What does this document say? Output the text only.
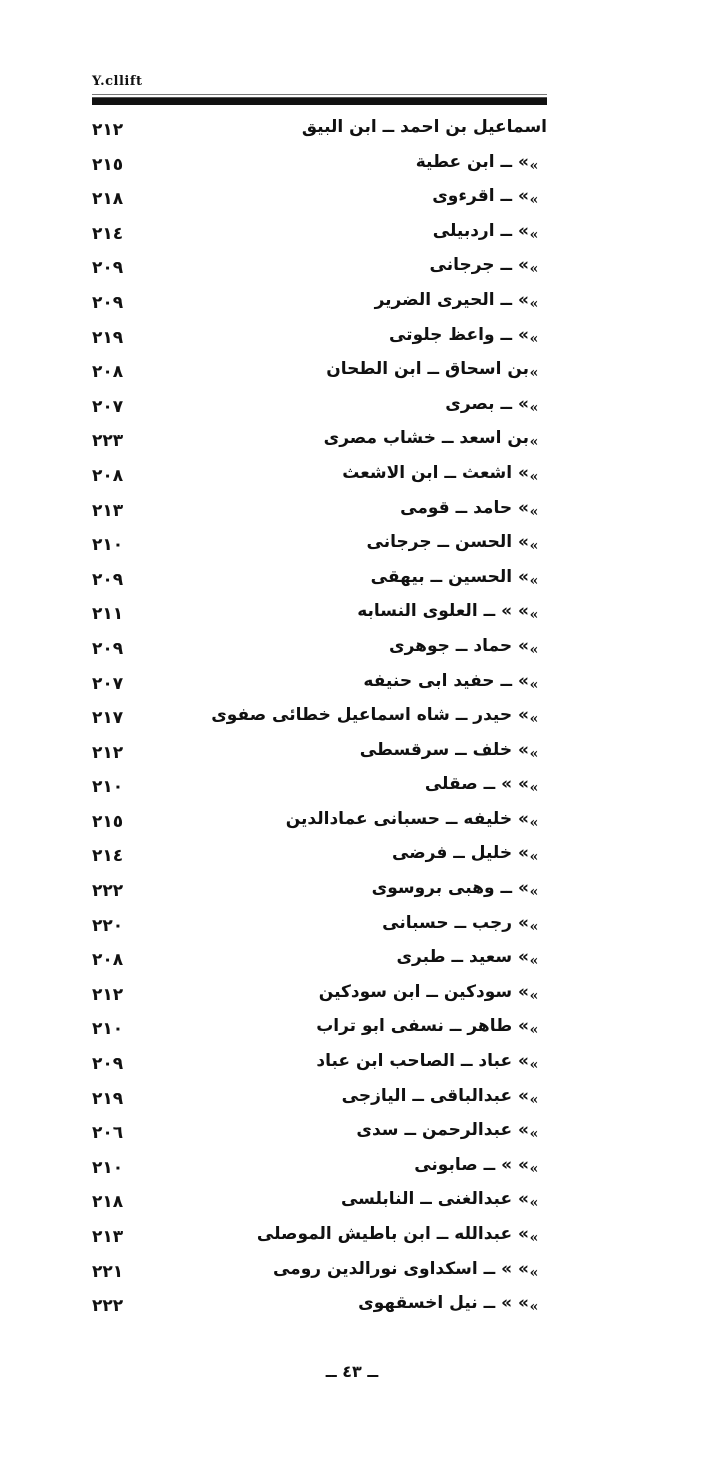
Y.cllift
اسماعيل بن احمد ــ ابن البيق
٢١٢
»
» ــ ابن عطية
٢١٥
»
» ــ اقرءوى
٢١٨
»
» ــ اردبيلى
٢١٤
»
» ــ جرجانى
٢٠٩
»
» ــ الحيرى الضرير
٢٠٩
»
» ــ واعظ جلوتى
٢١٩
»
بن اسحاق ــ ابن الطحان
٢٠٨
»
» ــ بصرى
٢٠٧
»
بن اسعد ــ خشاب مصرى
٢٢٣
»
» اشعث ــ ابن الاشعث
٢٠٨
»
» حامد ــ قومى
٢١٣
»
» الحسن ــ جرجانى
٢١٠
»
» الحسين ــ بيهقى
٢٠٩
»
» » ــ العلوى النسابه
٢١١
»
» حماد ــ جوهرى
٢٠٩
»
» ــ حفيد ابى حنيفه
٢٠٧
»
» حيدر ــ شاه اسماعيل خطائى صفوى
٢١٧
»
» خلف ــ سرقسطى
٢١٢
»
» » ــ صقلى
٢١٠
»
» خليفه ــ حسبانى عمادالدين
٢١٥
»
» خليل ــ فرضى
٢١٤
»
» ــ وهبى بروسوى
٢٢٢
»
» رجب ــ حسبانى
٢٢٠
»
» سعيد ــ طبرى
٢٠٨
»
» سودكين ــ ابن سودكين
٢١٢
»
» طاهر ــ نسفى ابو تراب
٢١٠
»
» عباد ــ الصاحب ابن عباد
٢٠٩
»
» عبدالباقى ــ اليازجى
٢١٩
»
» عبدالرحمن ــ سدى
٢٠٦
»
» » ــ صابونى
٢١٠
»
» عبدالغنى ــ النابلسى
٢١٨
»
» عبدالله ــ ابن باطيش الموصلى
٢١٣
»
» » ــ اسكداوى نورالدين رومى
٢٢١
»
» » ــ نيل اخسقهوى
٢٢٢
ــ ٤٣ ــ
